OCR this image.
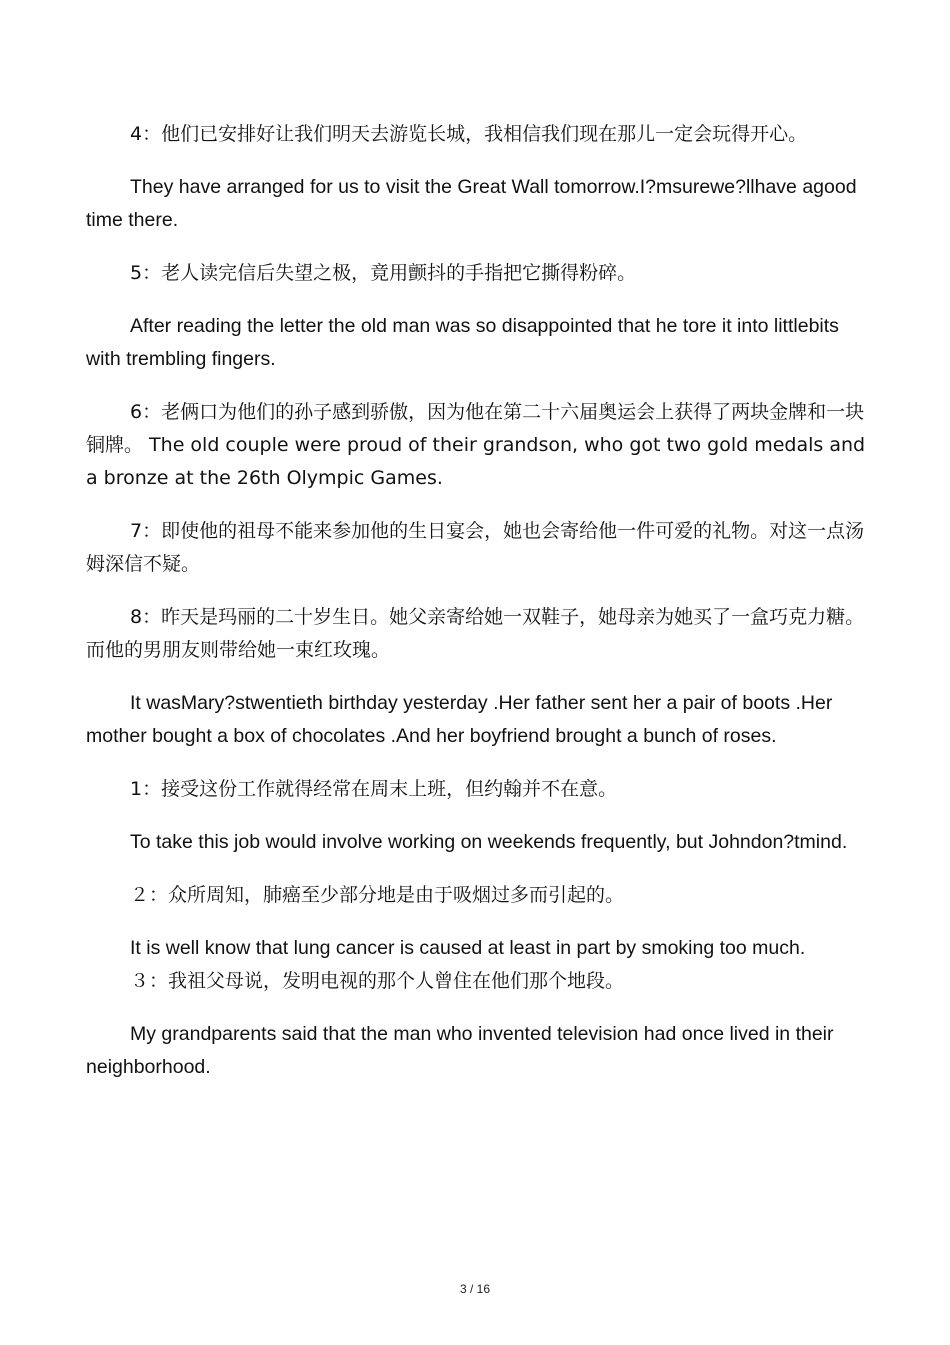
4：他们已安排好让我们明天去游览长城，我相信我们现在那儿一定会玩得开心。

They have arranged for us to visit the Great Wall tomorrow.I?msurewe?llhave agood time there.

5：老人读完信后失望之极，竟用颤抖的手指把它撕得粉碎。

After reading the letter the old man was so disappointed that he tore it into littlebits with trembling fingers.

6：老俩口为他们的孙子感到骄傲，因为他在第二十六届奥运会上获得了两块金牌和一块铜牌。 The old couple were proud of their grandson, who got two gold medals and a bronze at the 26th Olympic Games.

7：即使他的祖母不能来参加他的生日宴会，她也会寄给他一件可爱的礼物。对这一点汤姆深信不疑。

8：昨天是玛丽的二十岁生日。她父亲寄给她一双鞋子，她母亲为她买了一盒巧克力糖。而他的男朋友则带给她一束红玫瑰。

It wasMary?stwentieth birthday yesterday .Her father sent her a pair of boots .Her mother bought a box of chocolates .And her boyfriend brought a bunch of roses.

1：接受这份工作就得经常在周末上班，但约翰并不在意。

To take this job would involve working on weekends frequently, but Johndon?tmind.

２：众所周知，肺癌至少部分地是由于吸烟过多而引起的。

It is well know that lung cancer is caused at least in part by smoking too much.

３：我祖父母说，发明电视的那个人曾住在他们那个地段。

My grandparents said that the man who invented television had once lived in their neighborhood.

3 / 16
